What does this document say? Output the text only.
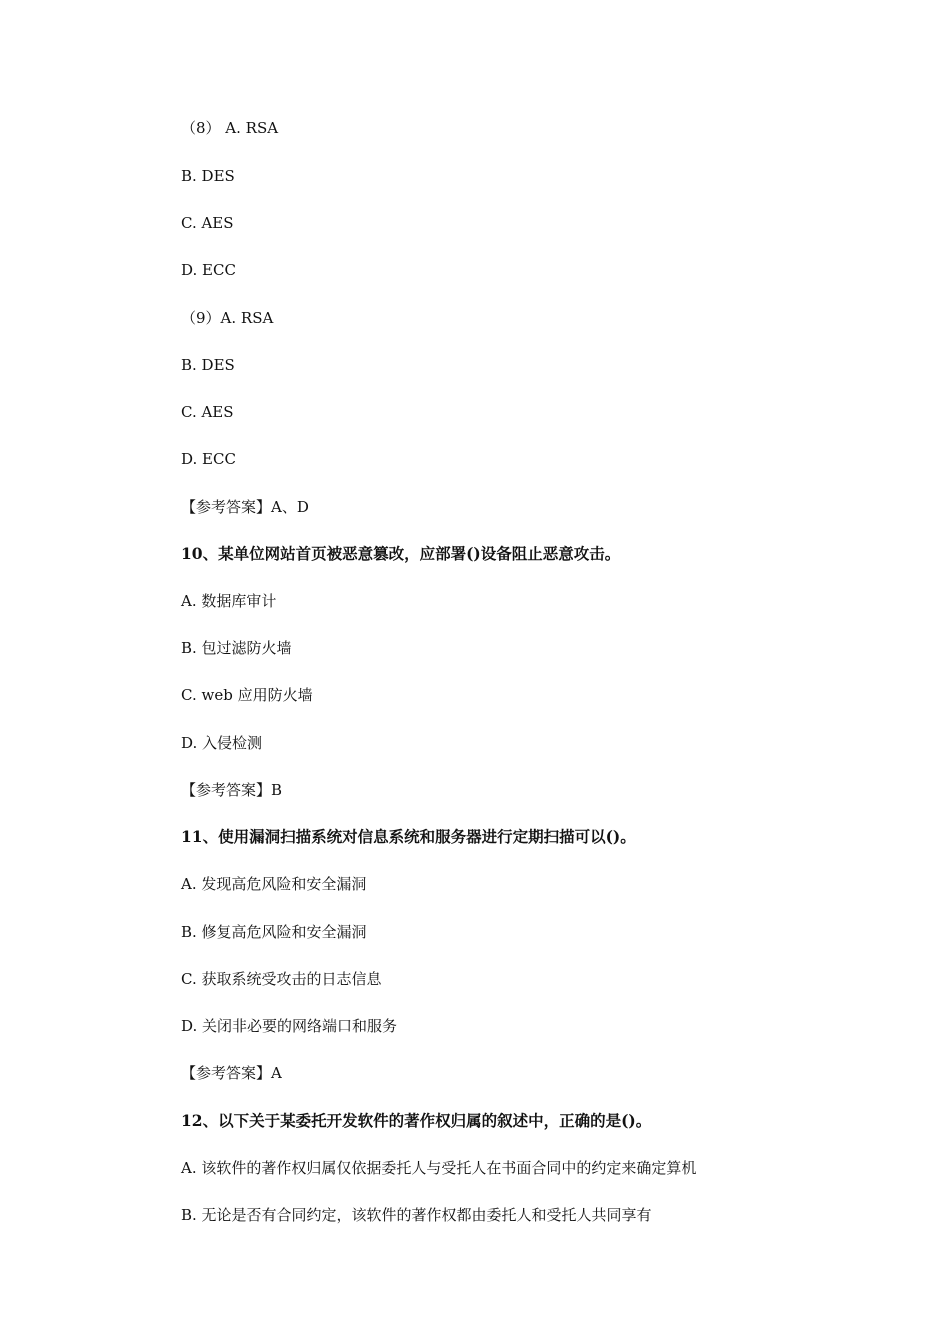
（8） A. RSA
B. DES
C. AES
D. ECC
（9）A. RSA
B. DES
C. AES
D. ECC
【参考答案】A、D
10、某单位网站首页被恶意篡改，应部署()设备阻止恶意攻击。
A. 数据库审计
B. 包过滤防火墙
C. web 应用防火墙
D. 入侵检测
【参考答案】B
11、使用漏洞扫描系统对信息系统和服务器进行定期扫描可以()。
A. 发现高危风险和安全漏洞
B. 修复高危风险和安全漏洞
C. 获取系统受攻击的日志信息
D. 关闭非必要的网络端口和服务
【参考答案】A
12、以下关于某委托开发软件的著作权归属的叙述中，正确的是()。
A. 该软件的著作权归属仅依据委托人与受托人在书面合同中的约定来确定算机
B. 无论是否有合同约定，该软件的著作权都由委托人和受托人共同享有
